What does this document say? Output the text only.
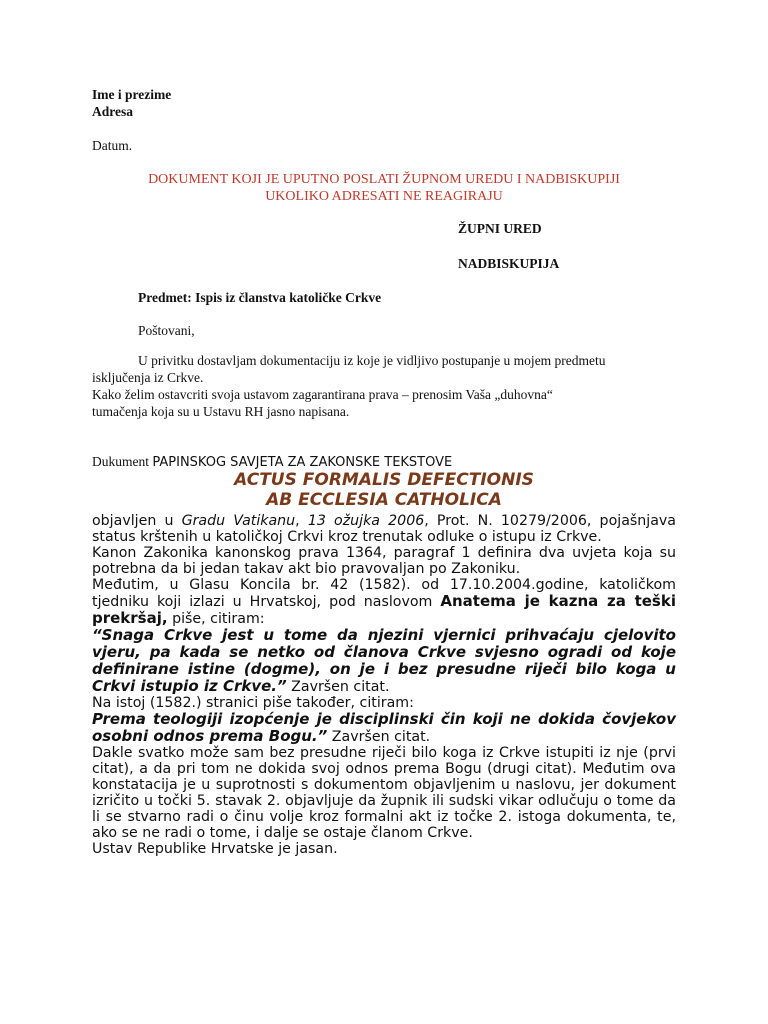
Ime i prezime

Adresa

Datum.

DOKUMENT KOJI JE UPUTNO POSLATI ŽUPNOM UREDU I NADBISKUPIJI
UKOLIKO ADRESATI NE REAGIRAJU

ŽUPNI URED

NADBISKUPIJA

Predmet: Ispis iz članstva katoličke Crkve

Poštovani,

U privitku dostavljam dokumentaciju iz koje je vidljivo postupanje u mojem predmetu

isključenja iz Crkve.

Kako želim ostavcriti svoja ustavom zagarantirana prava – prenosim Vaša „duhovna“

tumačenja koja su u Ustavu RH jasno napisana.

Dukument PAPINSKOG SAVJETA ZA ZAKONSKE TEKSTOVE

ACTUS FORMALIS DEFECTIONIS
AB ECCLESIA CATHOLICA
objavljen u Gradu Vatikanu, 13 ožujka 2006, Prot. N. 10279/2006, pojašnjava status krštenih u katoličkoj Crkvi kroz trenutak odluke o istupu iz Crkve.
Kanon Zakonika kanonskog prava 1364, paragraf 1 definira dva uvjeta koja su potrebna da bi jedan takav akt bio pravovaljan po Zakoniku.
Međutim, u Glasu Koncila br. 42 (1582). od 17.10.2004.godine, katoličkom tjedniku koji izlazi u Hrvatskoj, pod naslovom Anatema je kazna za teški prekršaj, piše, citiram:
“Snaga Crkve jest u tome da njezini vjernici prihvaćaju cjelovito vjeru, pa kada se netko od članova Crkve svjesno ogradi od koje definirane istine (dogme), on je i bez presudne riječi bilo koga u Crkvi istupio iz Crkve.” Završen citat.
Na istoj (1582.) stranici piše također, citiram:
Prema teologiji izopćenje je disciplinski čin koji ne dokida čovjekov osobni odnos prema Bogu.” Završen citat.
Dakle svatko može sam bez presudne riječi bilo koga iz Crkve istupiti iz nje (prvi citat), a da pri tom ne dokida svoj odnos prema Bogu (drugi citat). Međutim ova konstatacija je u suprotnosti s dokumentom objavljenim u naslovu, jer dokument izričito u točki 5. stavak 2. objavljuje da župnik ili sudski vikar odlučuju o tome da li se stvarno radi o činu volje kroz formalni akt iz točke 2. istoga dokumenta, te, ako se ne radi o tome, i dalje se ostaje članom Crkve.
Ustav Republike Hrvatske je jasan.
